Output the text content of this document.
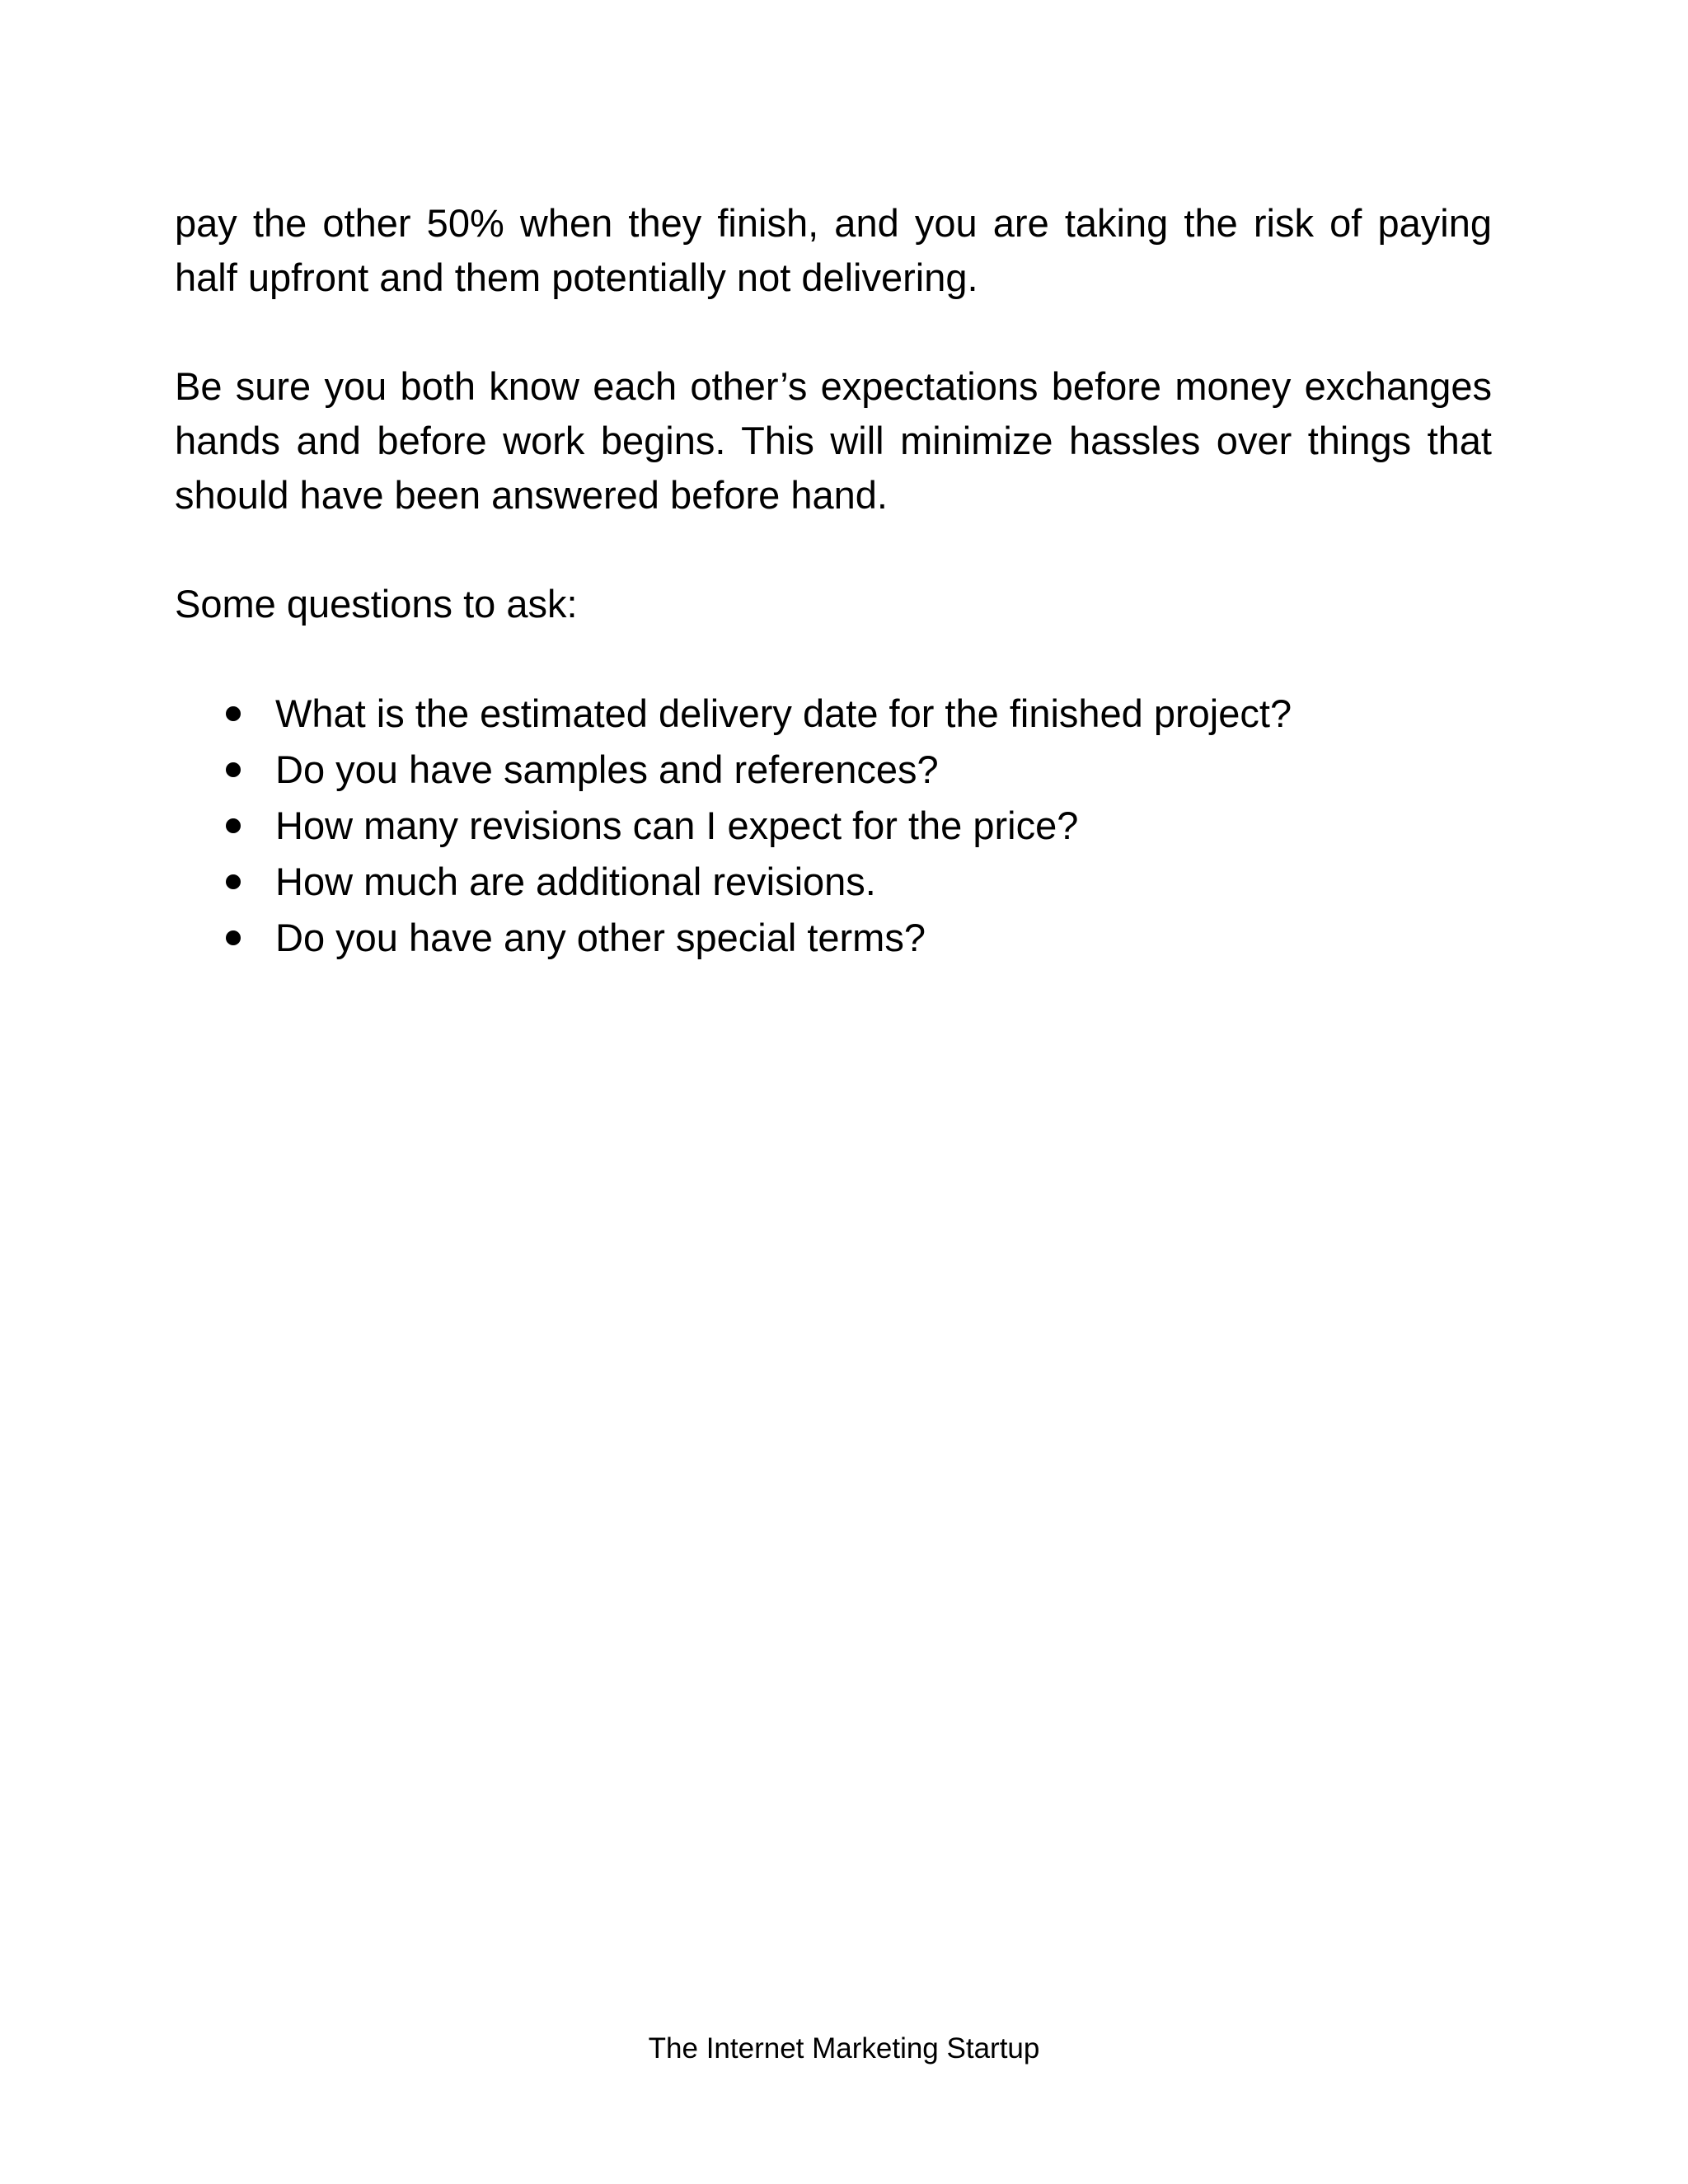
pay the other 50% when they finish, and you are taking the risk of paying half upfront and them potentially not delivering.

Be sure you both know each other’s expectations before money exchanges hands and before work begins. This will minimize hassles over things that should have been answered before hand.

Some questions to ask:

What is the estimated delivery date for the finished project?
Do you have samples and references?
How many revisions can I expect for the price?
How much are additional revisions.
Do you have any other special terms?
The Internet Marketing Startup
